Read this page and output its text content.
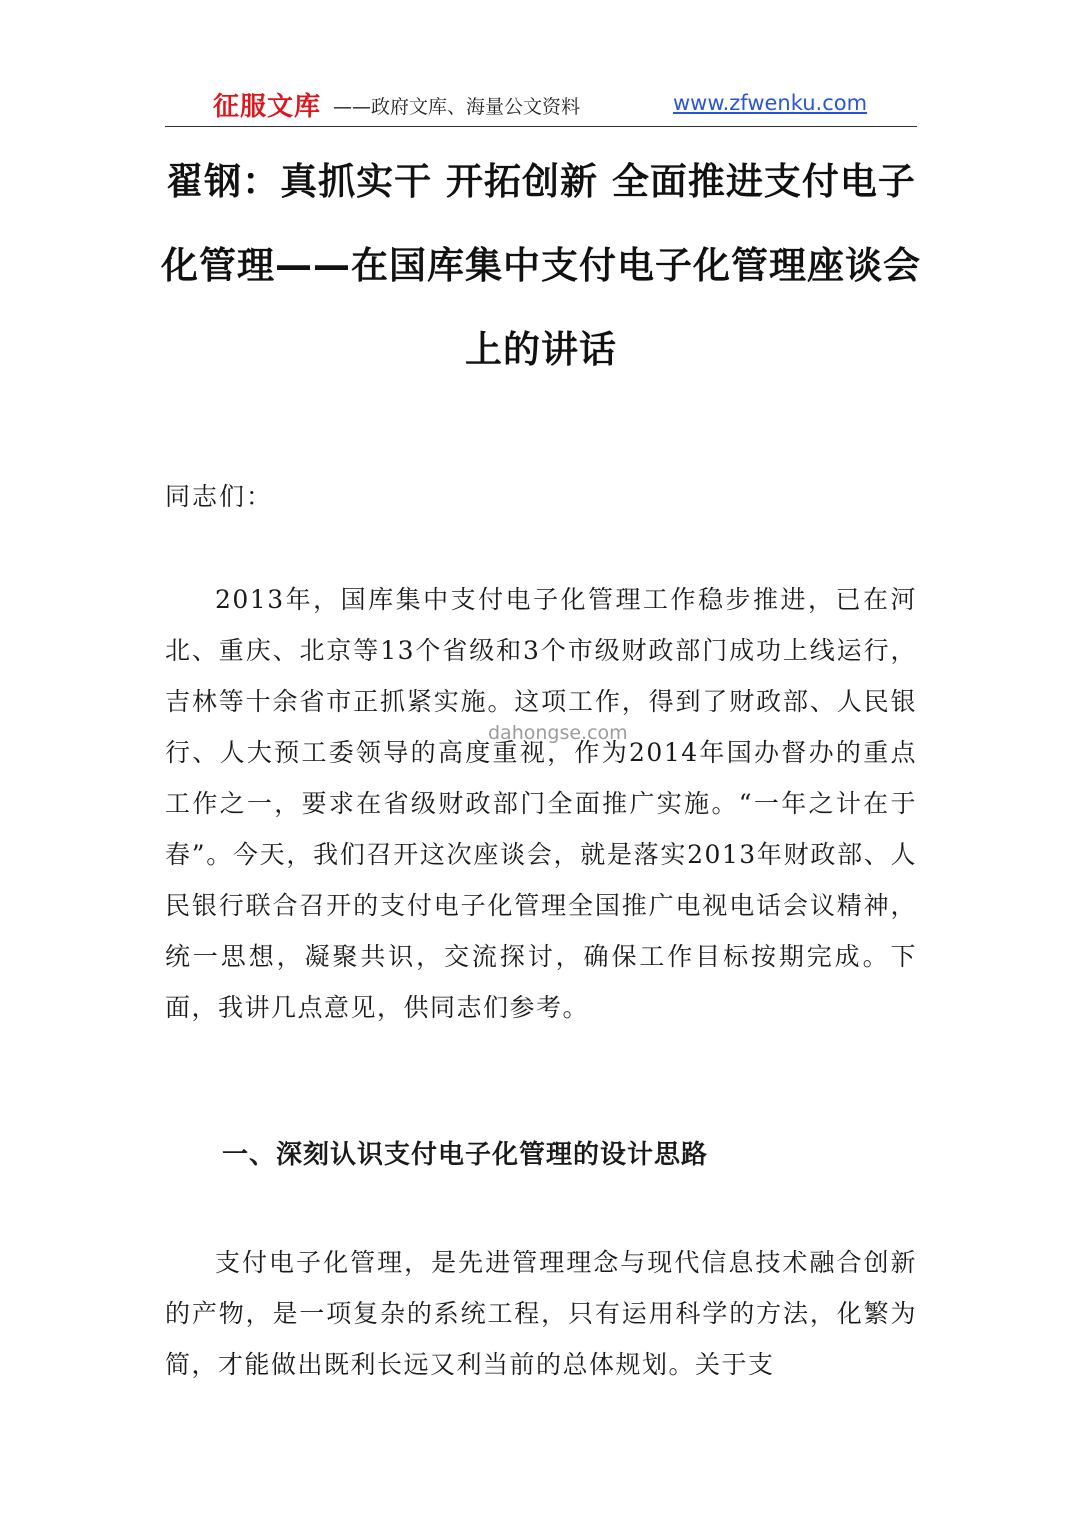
征服文库 ——政府文库、海量公文资料	www.zfwenku.com
翟钢：真抓实干 开拓创新 全面推进支付电子化管理——在国库集中支付电子化管理座谈会上的讲话

同志们：

2013年，国库集中支付电子化管理工作稳步推进，已在河北、重庆、北京等13个省级和3个市级财政部门成功上线运行，吉林等十余省市正抓紧实施。这项工作，得到了财政部、人民银行、人大预工委领导的高度重视，作为2014年国办督办的重点工作之一，要求在省级财政部门全面推广实施。“一年之计在于春”。今天，我们召开这次座谈会，就是落实2013年财政部、人民银行联合召开的支付电子化管理全国推广电视电话会议精神，统一思想，凝聚共识，交流探讨，确保工作目标按期完成。下面，我讲几点意见，供同志们参考。

dahongse.com
一、深刻认识支付电子化管理的设计思路

支付电子化管理，是先进管理理念与现代信息技术融合创新的产物，是一项复杂的系统工程，只有运用科学的方法，化繁为简，才能做出既利长远又利当前的总体规划。关于支
